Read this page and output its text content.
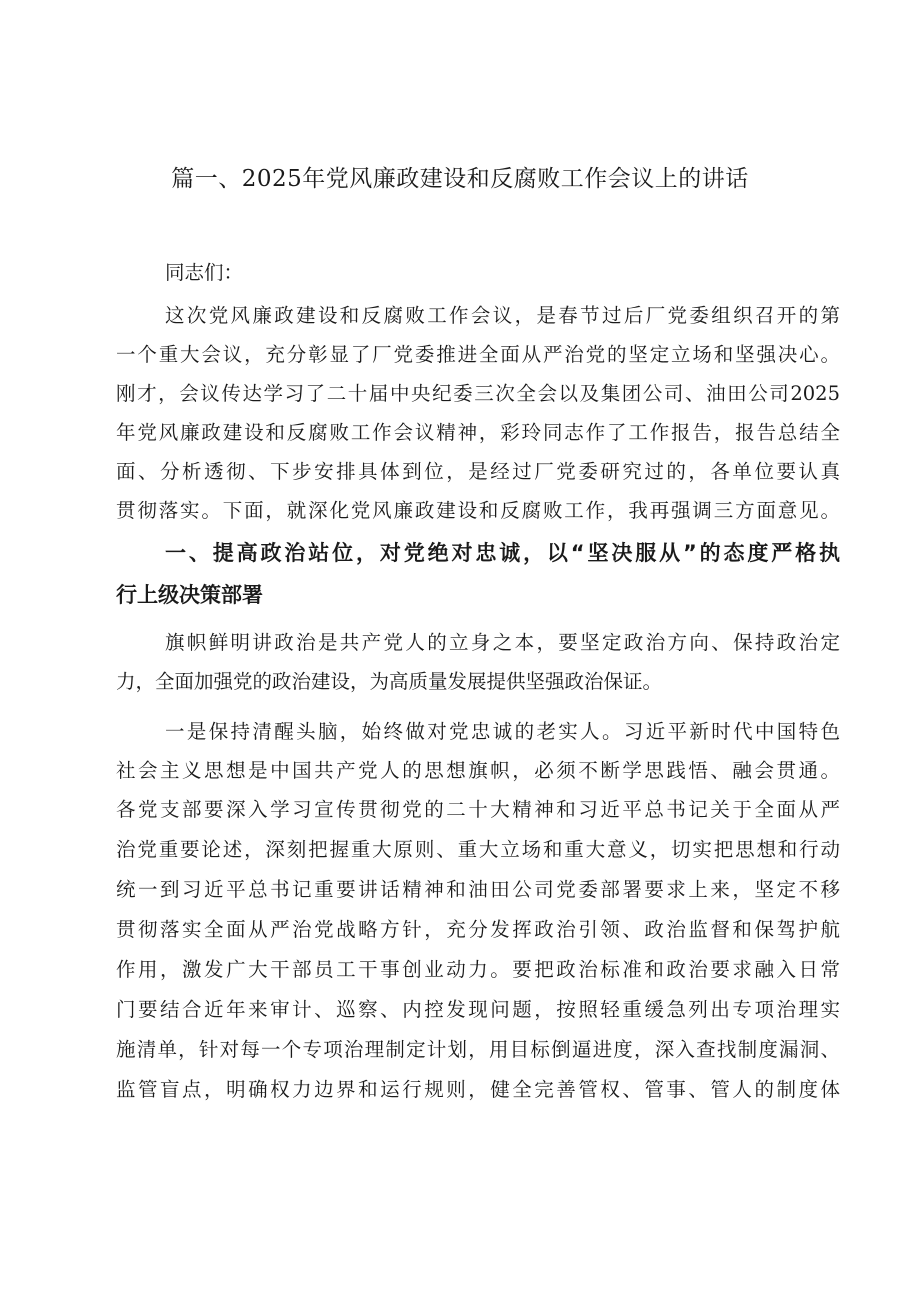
篇一、2025年党风廉政建设和反腐败工作会议上的讲话
同志们：
这次党风廉政建设和反腐败工作会议，是春节过后厂党委组织召开的第
一个重大会议，充分彰显了厂党委推进全面从严治党的坚定立场和坚强决心。
刚才，会议传达学习了二十届中央纪委三次全会以及集团公司、油田公司2025
年党风廉政建设和反腐败工作会议精神，彩玲同志作了工作报告，报告总结全
面、分析透彻、下步安排具体到位，是经过厂党委研究过的，各单位要认真
贯彻落实。下面，就深化党风廉政建设和反腐败工作，我再强调三方面意见。
一、提高政治站位，对党绝对忠诚，以“坚决服从”的态度严格执
行上级决策部署
旗帜鲜明讲政治是共产党人的立身之本，要坚定政治方向、保持政治定
力，全面加强党的政治建设，为高质量发展提供坚强政治保证。
一是保持清醒头脑，始终做对党忠诚的老实人。习近平新时代中国特色
社会主义思想是中国共产党人的思想旗帜，必须不断学思践悟、融会贯通。
各党支部要深入学习宣传贯彻党的二十大精神和习近平总书记关于全面从严
治党重要论述，深刻把握重大原则、重大立场和重大意义，切实把思想和行动
统一到习近平总书记重要讲话精神和油田公司党委部署要求上来，坚定不移
贯彻落实全面从严治党战略方针，充分发挥政治引领、政治监督和保驾护航
作用，激发广大干部员工干事创业动力。要把政治标准和政治要求融入日常
门要结合近年来审计、巡察、内控发现问题，按照轻重缓急列出专项治理实
施清单，针对每一个专项治理制定计划，用目标倒逼进度，深入查找制度漏洞、
监管盲点，明确权力边界和运行规则，健全完善管权、管事、管人的制度体
